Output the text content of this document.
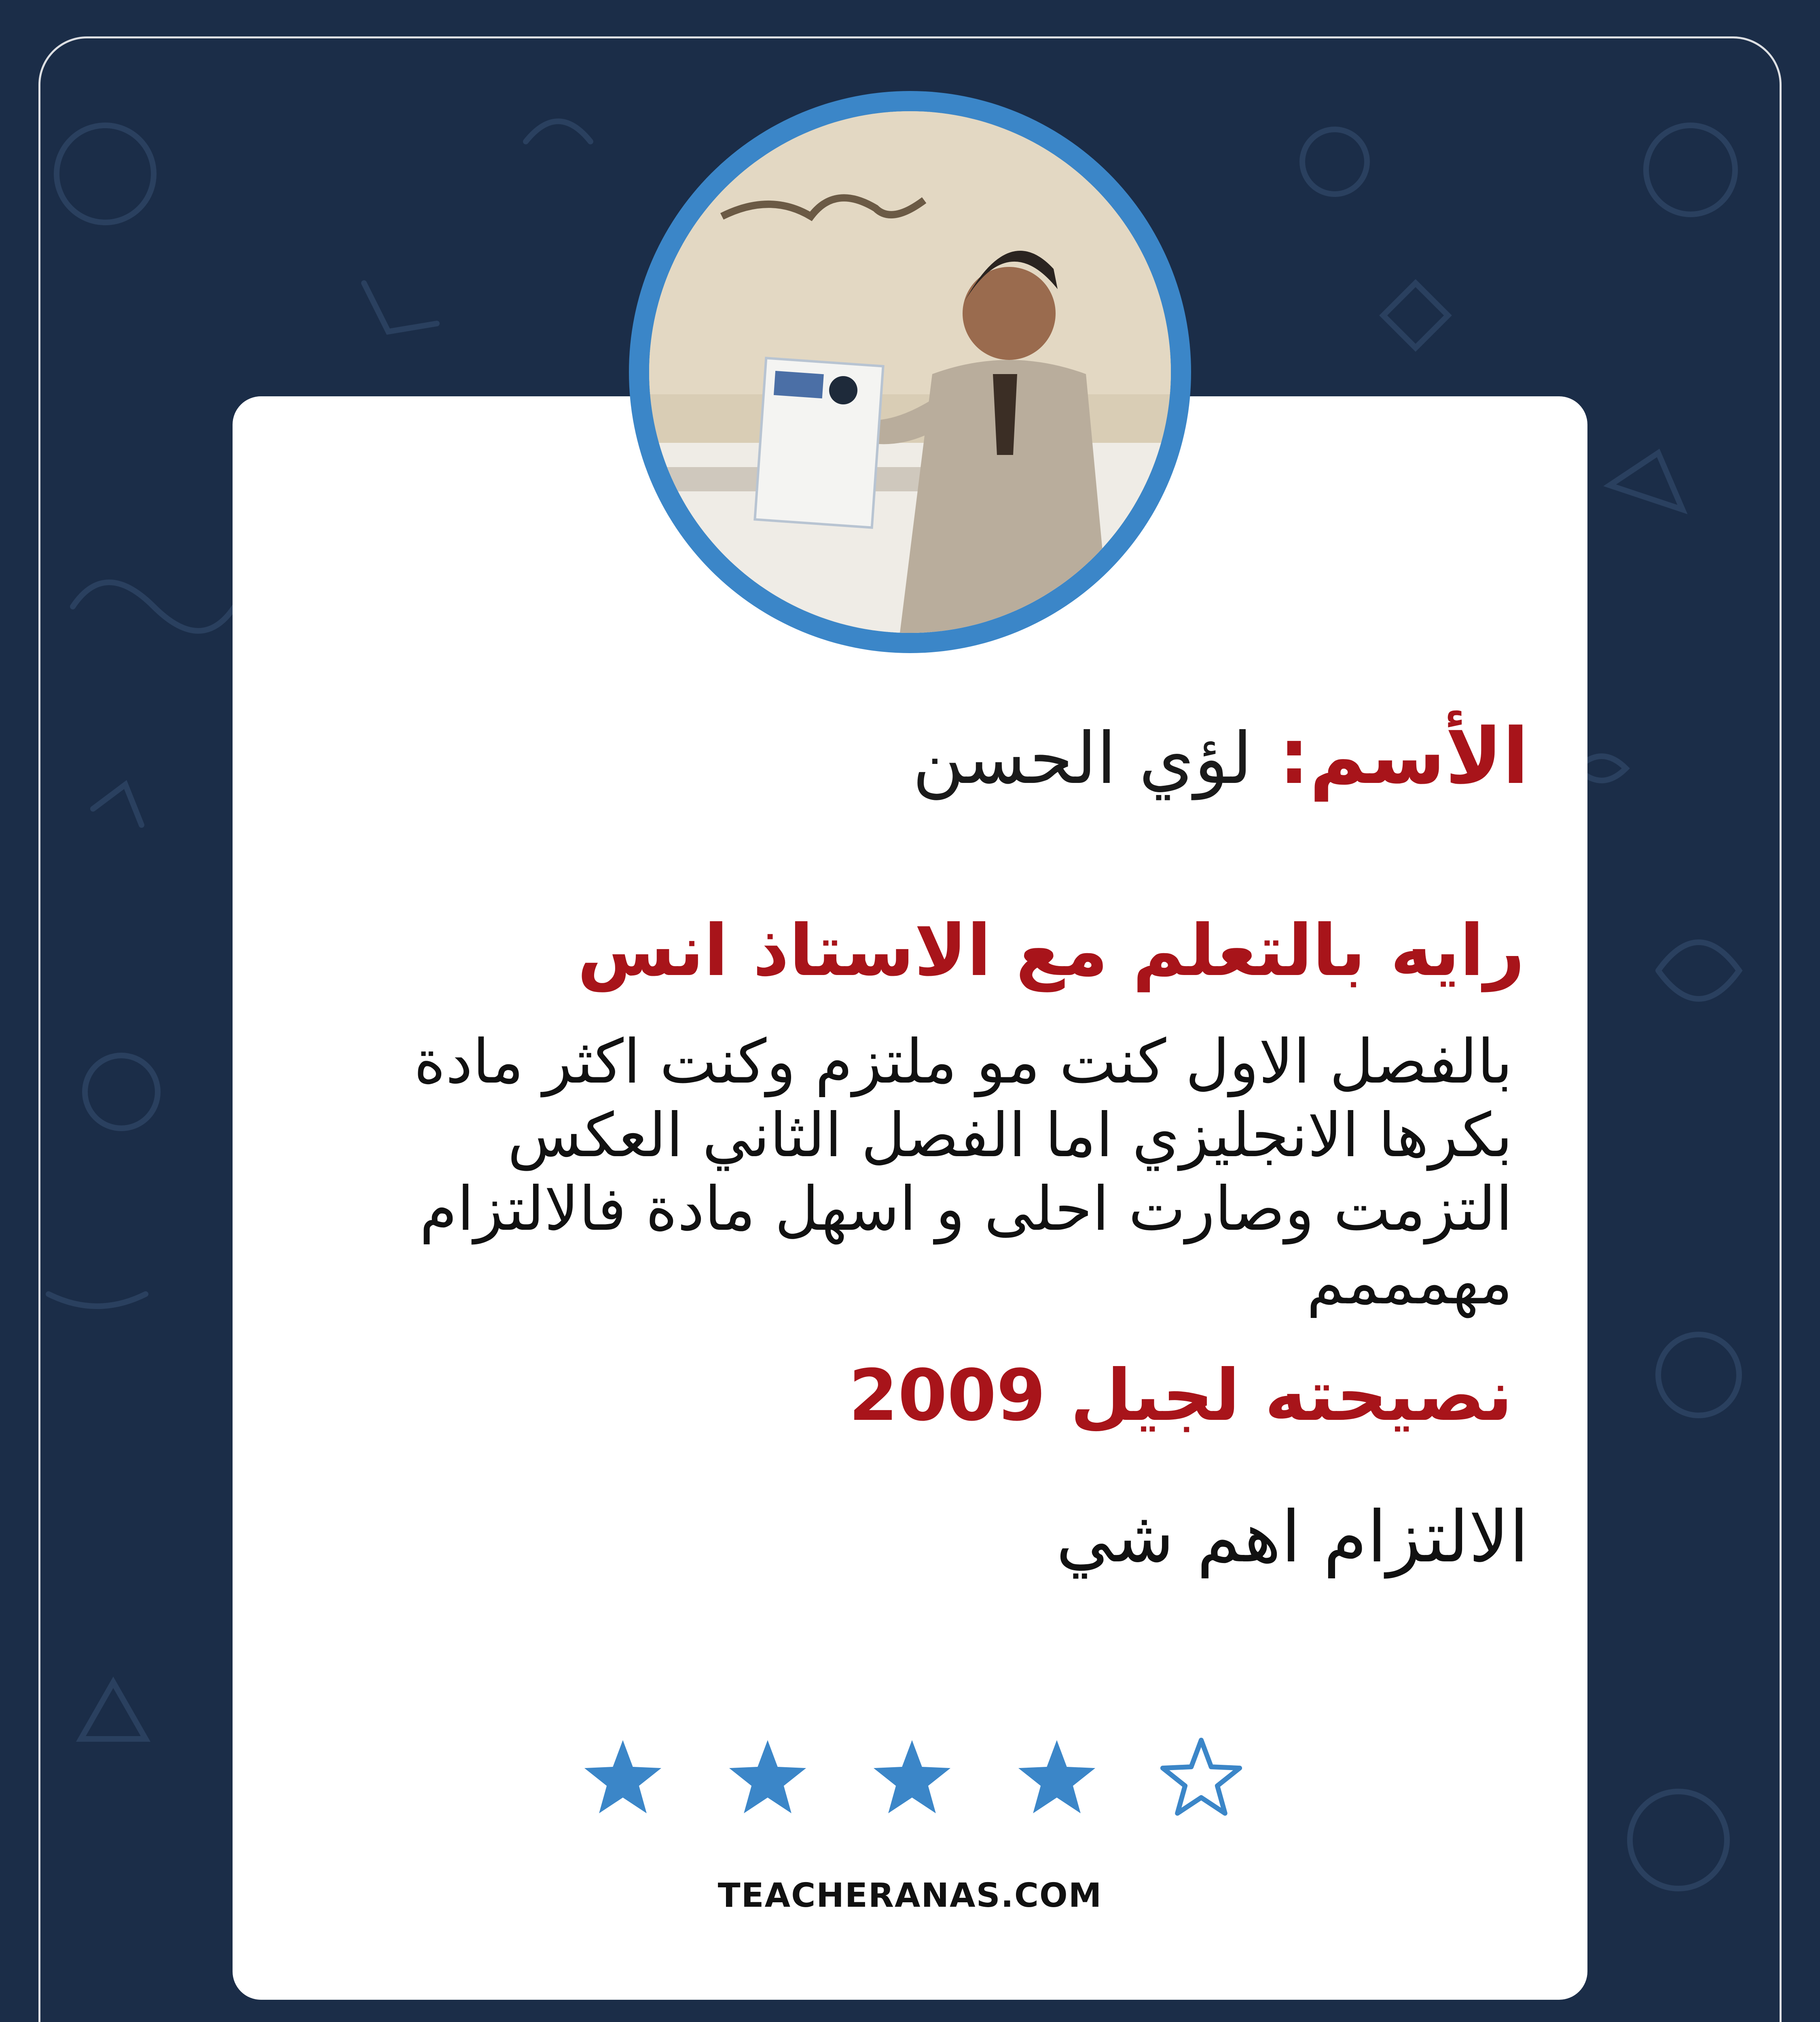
الأسم: لؤي الحسن
رايه بالتعلم مع الاستاذ انس
بالفصل الاول كنت مو ملتزم وكنت اكثر مادة بكرها الانجليزي اما الفصل الثاني العكس التزمت وصارت احلى و اسهل مادة فالالتزام مهمممم
نصيحته لجيل 2009
الالتزام اهم شي
TEACHERANAS.COM
